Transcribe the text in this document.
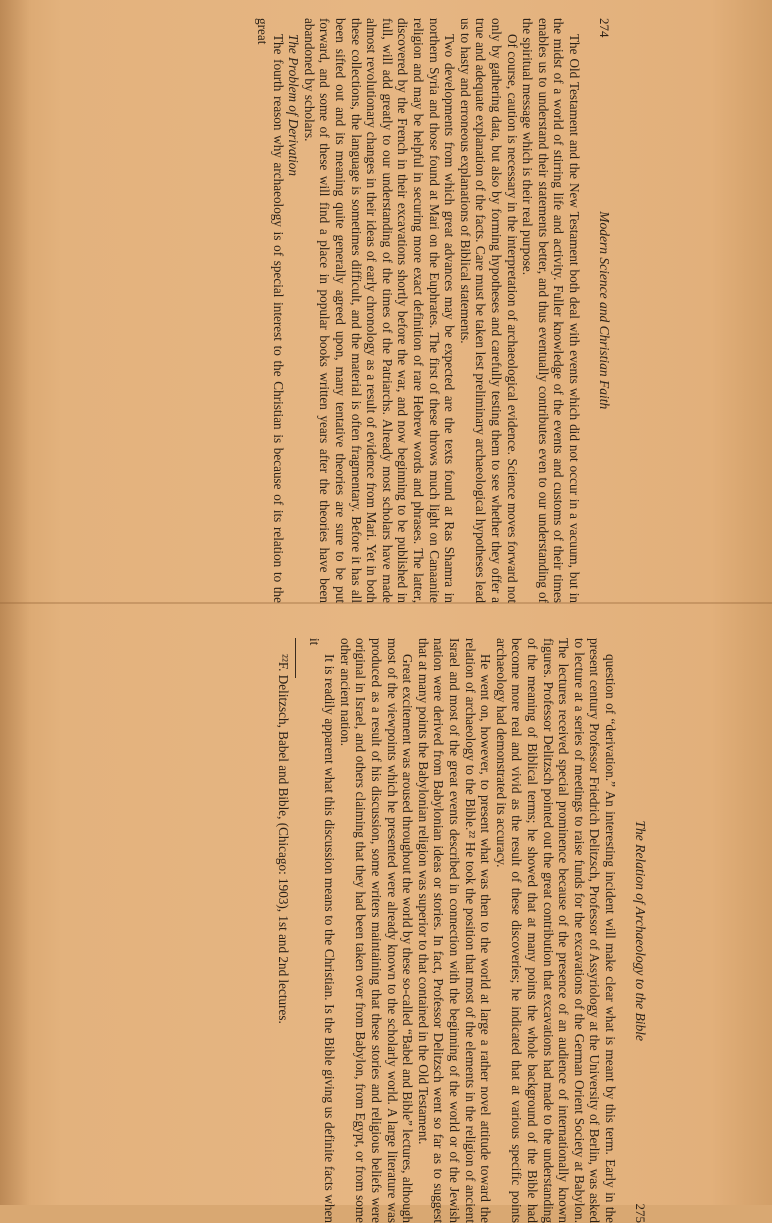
274
Modern Science and Christian Faith

The Old Testament and the New Testament both deal with events which did not occur in a vacuum, but in the midst of a world of stirring life and activity. Fuller knowledge of the events and customs of their times enables us to understand their statements better, and thus eventually contributes even to our understanding of the spiritual message which is their real purpose.

Of course, caution is necessary in the interpretation of archaeological evidence. Science moves forward not only by gathering data, but also by forming hypotheses and carefully testing them to see whether they offer a true and adequate explanation of the facts. Care must be taken lest preliminary archaeological hypotheses lead us to hasty and erroneous explanations of Biblical statements.

Two developments from which great advances may be expected are the texts found at Ras Shamra in northern Syria and those found at Mari on the Euphrates. The first of these throws much light on Canaanite religion and may be helpful in securing more exact definition of rare Hebrew words and phrases. The latter, discovered by the French in their excavations shortly before the war, and now beginning to be published in full, will add greatly to our understanding of the times of the Patriarchs. Already most scholars have made almost revolutionary changes in their ideas of early chronology as a result of evidence from Mari. Yet in both these collections, the language is sometimes difficult, and the material is often fragmentary. Before it has all been sifted out and its meaning quite generally agreed upon, many tentative theories are sure to be put forward, and some of these will find a place in popular books written years after the theories have been abandoned by scholars.

The Problem of Derivation

The fourth reason why archaeology is of special interest to the Christian is because of its relation to the great

The Relation of Archaeology to the Bible
275

question of “derivation.” An interesting incident will make clear what is meant by this term. Early in the present century Professor Friedrich Delitzsch, Professor of Assyriology at the University of Berlin, was asked to lecture at a series of meetings to raise funds for the excavations of the German Orient Society at Babylon. The lectures received special prominence because of the presence of an audience of internationally known figures. Professor Delitzsch pointed out the great contribution that excavations had made to the understanding of the meaning of Biblical terms; he showed that at many points the whole background of the Bible had become more real and vivid as the result of these discoveries; he indicated that at various specific points archaeology had demonstrated its accuracy.

He went on, however, to present what was then to the world at large a rather novel attitude toward the relation of archaeology to the Bible.²² He took the position that most of the elements in the religion of ancient Israel and most of the great events described in connection with the beginning of the world or of the Jewish nation were derived from Babylonian ideas or stories. In fact, Professor Delitzsch went so far as to suggest that at many points the Babylonian religion was superior to that contained in the Old Testament.

Great excitement was aroused throughout the world by these so-called “Babel and Bible” lectures, although most of the viewpoints which he presented were already known to the scholarly world. A large literature was produced as a result of his discussion, some writers maintaining that these stories and religious beliefs were original in Israel, and others claiming that they had been taken over from Babylon, from Egypt, or from some other ancient nation.

It is readily apparent what this discussion means to the Christian. Is the Bible giving us definite facts when it

²²F. Delitzsch, Babel and Bible, (Chicago: 1903), 1st and 2nd lectures.
